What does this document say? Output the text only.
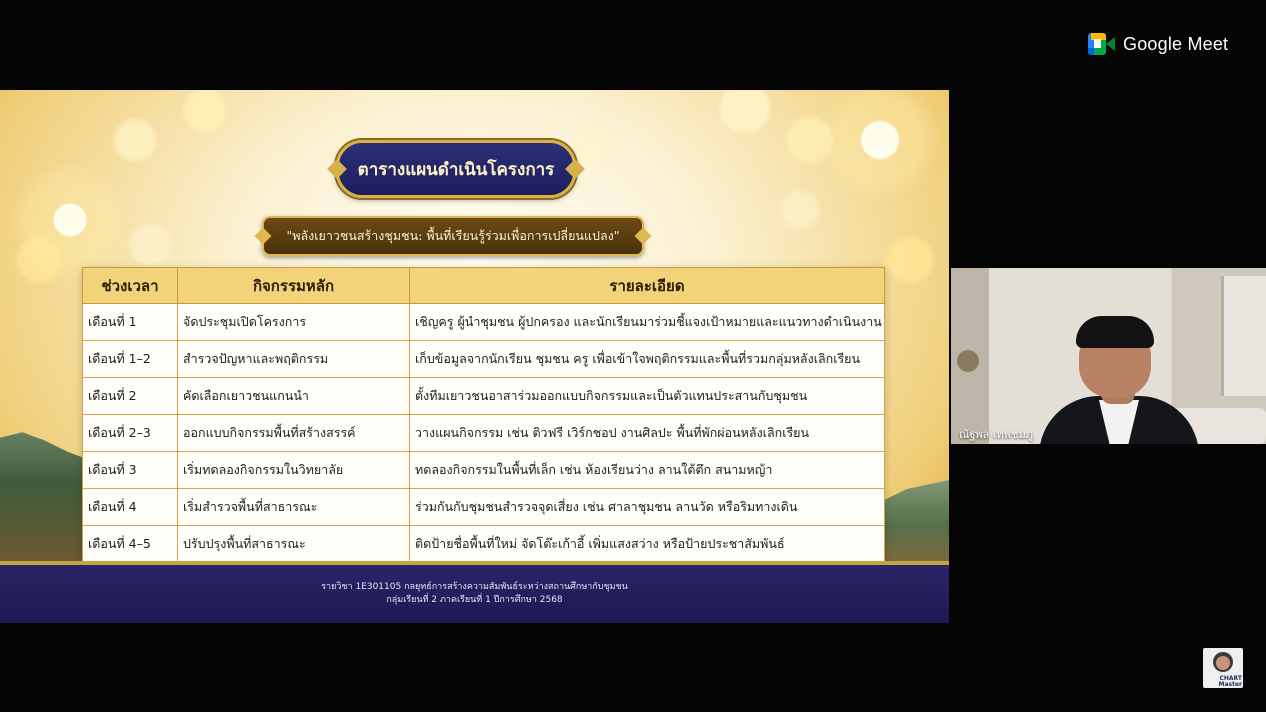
Google Meet
ตารางแผนดำเนินโครงการ
"พลังเยาวชนสร้างชุมชน: พื้นที่เรียนรู้ร่วมเพื่อการเปลี่ยนแปลง"
ช่วงเวลา	กิจกรรมหลัก	รายละเอียด
เดือนที่ 1	จัดประชุมเปิดโครงการ	เชิญครู ผู้นำชุมชน ผู้ปกครอง และนักเรียนมาร่วมชี้แจงเป้าหมายและแนวทางดำเนินงาน
เดือนที่ 1–2	สำรวจปัญหาและพฤติกรรม	เก็บข้อมูลจากนักเรียน ชุมชน ครู เพื่อเข้าใจพฤติกรรมและพื้นที่รวมกลุ่มหลังเลิกเรียน
เดือนที่ 2	คัดเลือกเยาวชนแกนนำ	ตั้งทีมเยาวชนอาสาร่วมออกแบบกิจกรรมและเป็นตัวแทนประสานกับชุมชน
เดือนที่ 2–3	ออกแบบกิจกรรมพื้นที่สร้างสรรค์	วางแผนกิจกรรม เช่น ติวฟรี เวิร์กชอป งานศิลปะ พื้นที่พักผ่อนหลังเลิกเรียน
เดือนที่ 3	เริ่มทดลองกิจกรรมในวิทยาลัย	ทดลองกิจกรรมในพื้นที่เล็ก เช่น ห้องเรียนว่าง ลานใต้ตึก สนามหญ้า
เดือนที่ 4	เริ่มสำรวจพื้นที่สาธารณะ	ร่วมกันกับชุมชนสำรวจจุดเสี่ยง เช่น ศาลาชุมชน ลานวัด หรือริมทางเดิน
เดือนที่ 4–5	ปรับปรุงพื้นที่สาธารณะ	ติดป้ายชื่อพื้นที่ใหม่ จัดโต๊ะเก้าอี้ เพิ่มแสงสว่าง หรือป้ายประชาสัมพันธ์
รายวิชา 1E301105 กลยุทธ์การสร้างความสัมพันธ์ระหว่างสถานศึกษากับชุมชน
กลุ่มเรียนที่ 2 ภาคเรียนที่ 1 ปีการศึกษา 2568
ณัฐพล เทพชมภู
CHART Master
